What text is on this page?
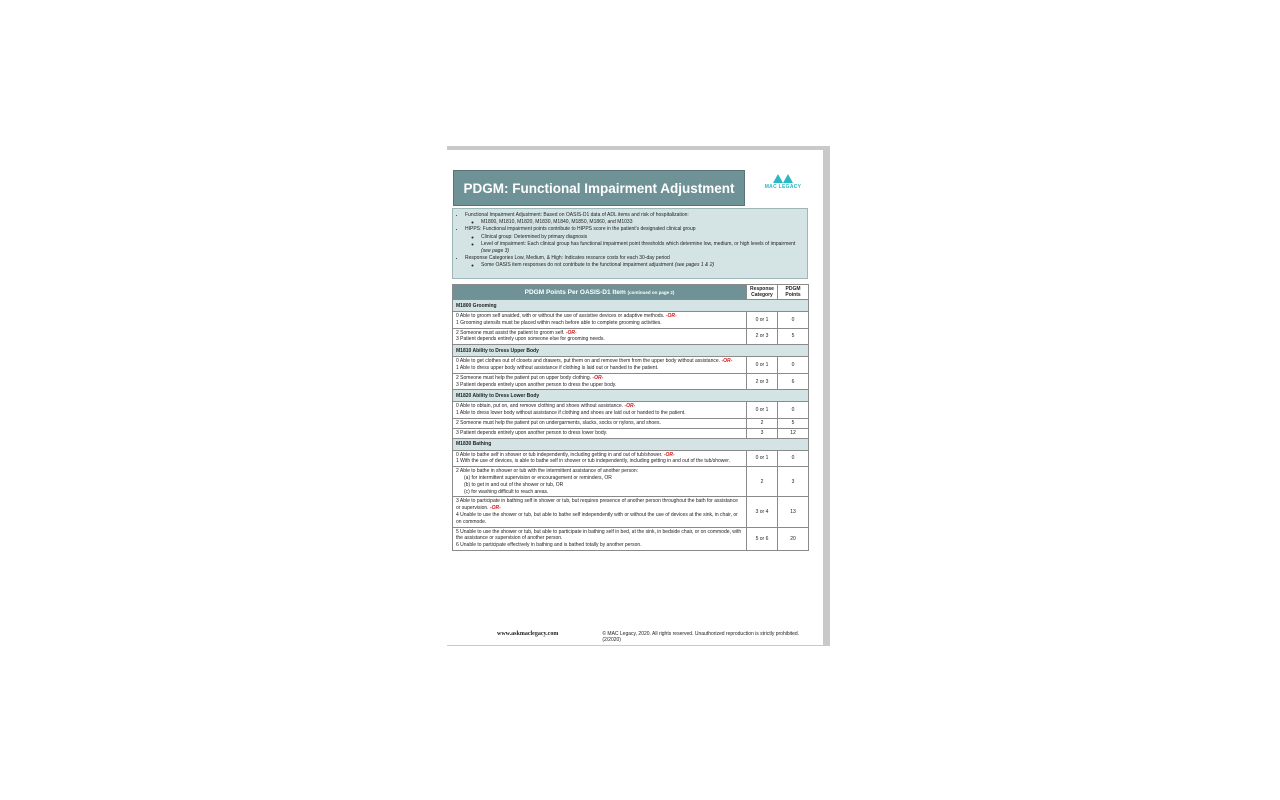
PDGM: Functional Impairment Adjustment	MAC LEGACY
• Functional Impairment Adjustment: Based on OASIS-D1 data of ADL items and risk of hospitalization:
◦ M1800, M1810, M1820, M1830, M1840, M1850, M1860, and M1033
• HIPPS: Functional impairment points contribute to HIPPS score in the patient's designated clinical group
◦ Clinical group: Determined by primary diagnosis
◦ Level of impairment: Each clinical group has functional impairment point thresholds which determine low, medium, or high levels of impairment (see page 3)
• Response Categories Low, Medium, & High: Indicates resource costs for each 30-day period
◦ Some OASIS item responses do not contribute to the functional impairment adjustment (see pages 1 & 2)
PDGM Points Per OASIS-D1 Item (continued on page 2)	Response Category	PDGM Points
M1800 Grooming		

0 Able to groom self unaided, with or without the use of assistive devices or adaptive methods. -OR-
1 Grooming utensils must be placed within reach before able to complete grooming activities.	0 or 1	0

2 Someone must assist the patient to groom self. -OR-
3 Patient depends entirely upon someone else for grooming needs.	2 or 3	5
M1810 Ability to Dress Upper Body		

0 Able to get clothes out of closets and drawers, put them on and remove them from the upper body without assistance. -OR-
1 Able to dress upper body without assistance if clothing is laid out or handed to the patient.	0 or 1	0

2 Someone must help the patient put on upper body clothing. -OR-
3 Patient depends entirely upon another person to dress the upper body.	2 or 3	6
M1820 Ability to Dress Lower Body		

0 Able to obtain, put on, and remove clothing and shoes without assistance. -OR-
1 Able to dress lower body without assistance if clothing and shoes are laid out or handed to the patient.	0 or 1	0
2 Someone must help the patient put on undergarments, slacks, socks or nylons, and shoes.	2	5
3 Patient depends entirely upon another person to dress lower body.	3	12
M1830 Bathing		

0 Able to bathe self in shower or tub independently, including getting in and out of tub/shower. -OR-
1 With the use of devices, is able to bathe self in shower or tub independently, including getting in and out of the tub/shower.	0 or 1	0

2 Able to bathe in shower or tub with the intermittent assistance of another person:
(a) for intermittent supervision or encouragement or reminders, OR
(b) to get in and out of the shower or tub, OR
(c) for washing difficult to reach areas.	2	3

3 Able to participate in bathing self in shower or tub, but requires presence of another person throughout the bath for assistance or supervision. -OR-
4 Unable to use the shower or tub, but able to bathe self independently with or without the use of devices at the sink, in chair, or on commode.	3 or 4	13

5 Unable to use the shower or tub, but able to participate in bathing self in bed, at the sink, in bedside chair, or on commode, with the assistance or supervision of another person.
6 Unable to participate effectively in bathing and is bathed totally by another person.	5 or 6	20
www.askmaclegacy.com	© MAC Legacy, 2020. All rights reserved. Unauthorized reproduction is strictly prohibited. (2/2020)
